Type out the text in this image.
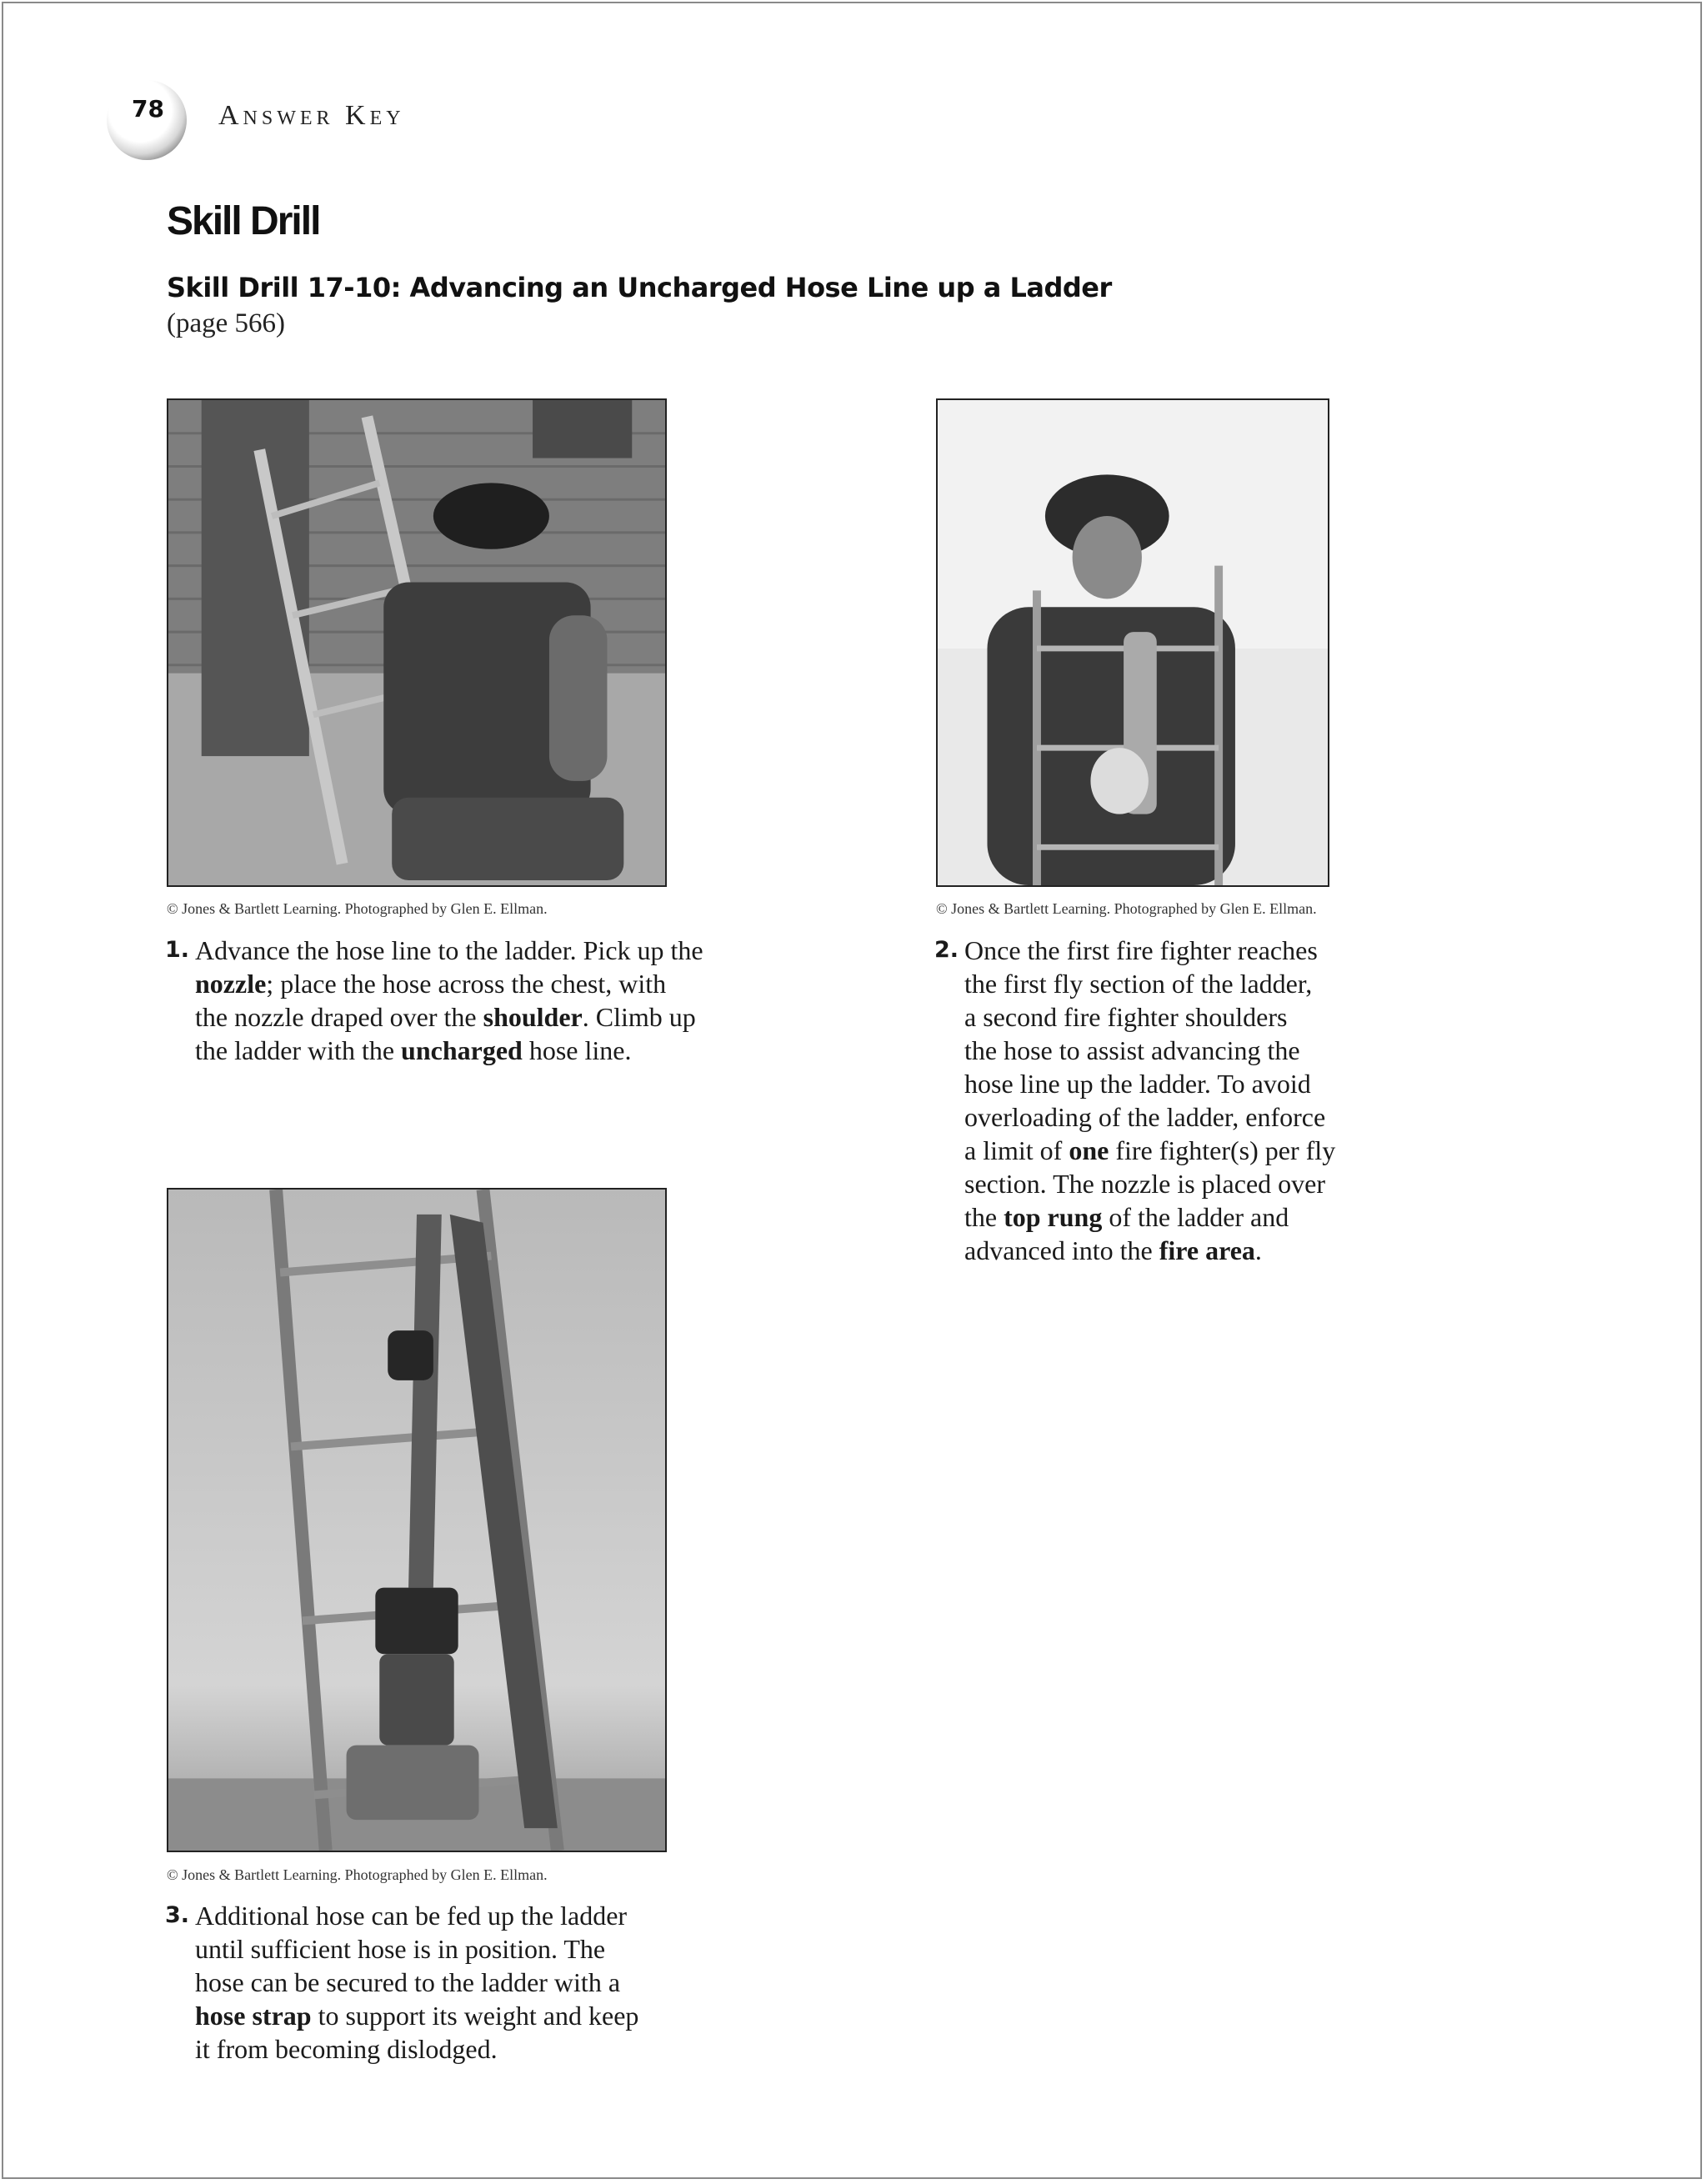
78 Answer Key
Skill Drill
Skill Drill 17-10: Advancing an Uncharged Hose Line up a Ladder
(page 566)
© Jones & Bartlett Learning. Photographed by Glen E. Ellman.	© Jones & Bartlett Learning. Photographed by Glen E. Ellman.
© Jones & Bartlett Learning. Photographed by Glen E. Ellman.
1. Advance the hose line to the ladder. Pick up the
nozzle; place the hose across the chest, with
the nozzle draped over the shoulder. Climb up
the ladder with the uncharged hose line.
2. Once the first fire fighter reaches
the first fly section of the ladder,
a second fire fighter shoulders
the hose to assist advancing the
hose line up the ladder. To avoid
overloading of the ladder, enforce
a limit of one fire fighter(s) per fly
section. The nozzle is placed over
the top rung of the ladder and
advanced into the fire area.
3. Additional hose can be fed up the ladder
until sufficient hose is in position. The
hose can be secured to the ladder with a
hose strap to support its weight and keep
it from becoming dislodged.
